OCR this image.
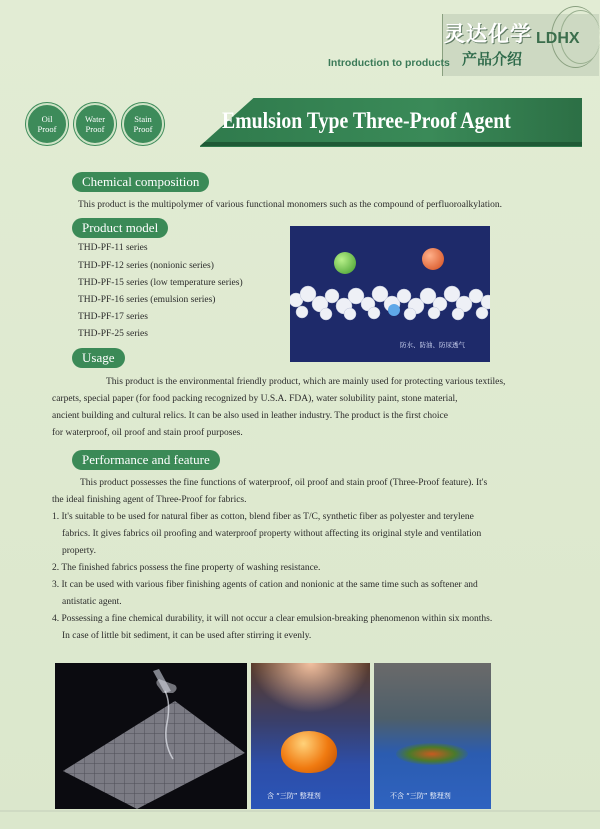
灵达化学 LDHX
产品介绍
Introduction to products
Oil
Proof
Water
Proof
Stain
Proof	Emulsion Type Three-Proof Agent
Chemical composition
This product is the multipolymer of various functional monomers such as the compound of perfluoroalkylation.
Product model
THD-PF-11 series
THD-PF-12 series (nonionic series)
THD-PF-15 series (low temperature series)
THD-PF-16 series (emulsion series)
THD-PF-17 series
THD-PF-25 series
防水、防油、防尿透气
Usage
This product is the environmental friendly product, which are mainly used for protecting various textiles,
carpets, special paper (for food packing recognized by U.S.A. FDA), water solubility paint, stone material,
ancient building and cultural relics. It can be also used in leather industry. The product is the first choice
for waterproof, oil proof and stain proof purposes.
Performance and feature
This product possesses the fine functions of waterproof, oil proof and stain proof (Three-Proof feature). It's
the ideal finishing agent of Three-Proof for fabrics.
1. It's suitable to be used for natural fiber as cotton, blend fiber as T/C, synthetic fiber as polyester and terylene
fabrics. It gives fabrics oil proofing and waterproof property without affecting its original style and ventilation
property.
2. The finished fabrics possess the fine property of washing resistance.
3. It can be used with various fiber finishing agents of cation and nonionic at the same time such as softener and
antistatic agent.
4. Possessing a fine chemical durability, it will not occur a clear emulsion-breaking phenomenon within six months.
In case of little bit sediment, it can be used after stirring it evenly.
含 “三防” 整理剂	不含 “三防” 整理剂
